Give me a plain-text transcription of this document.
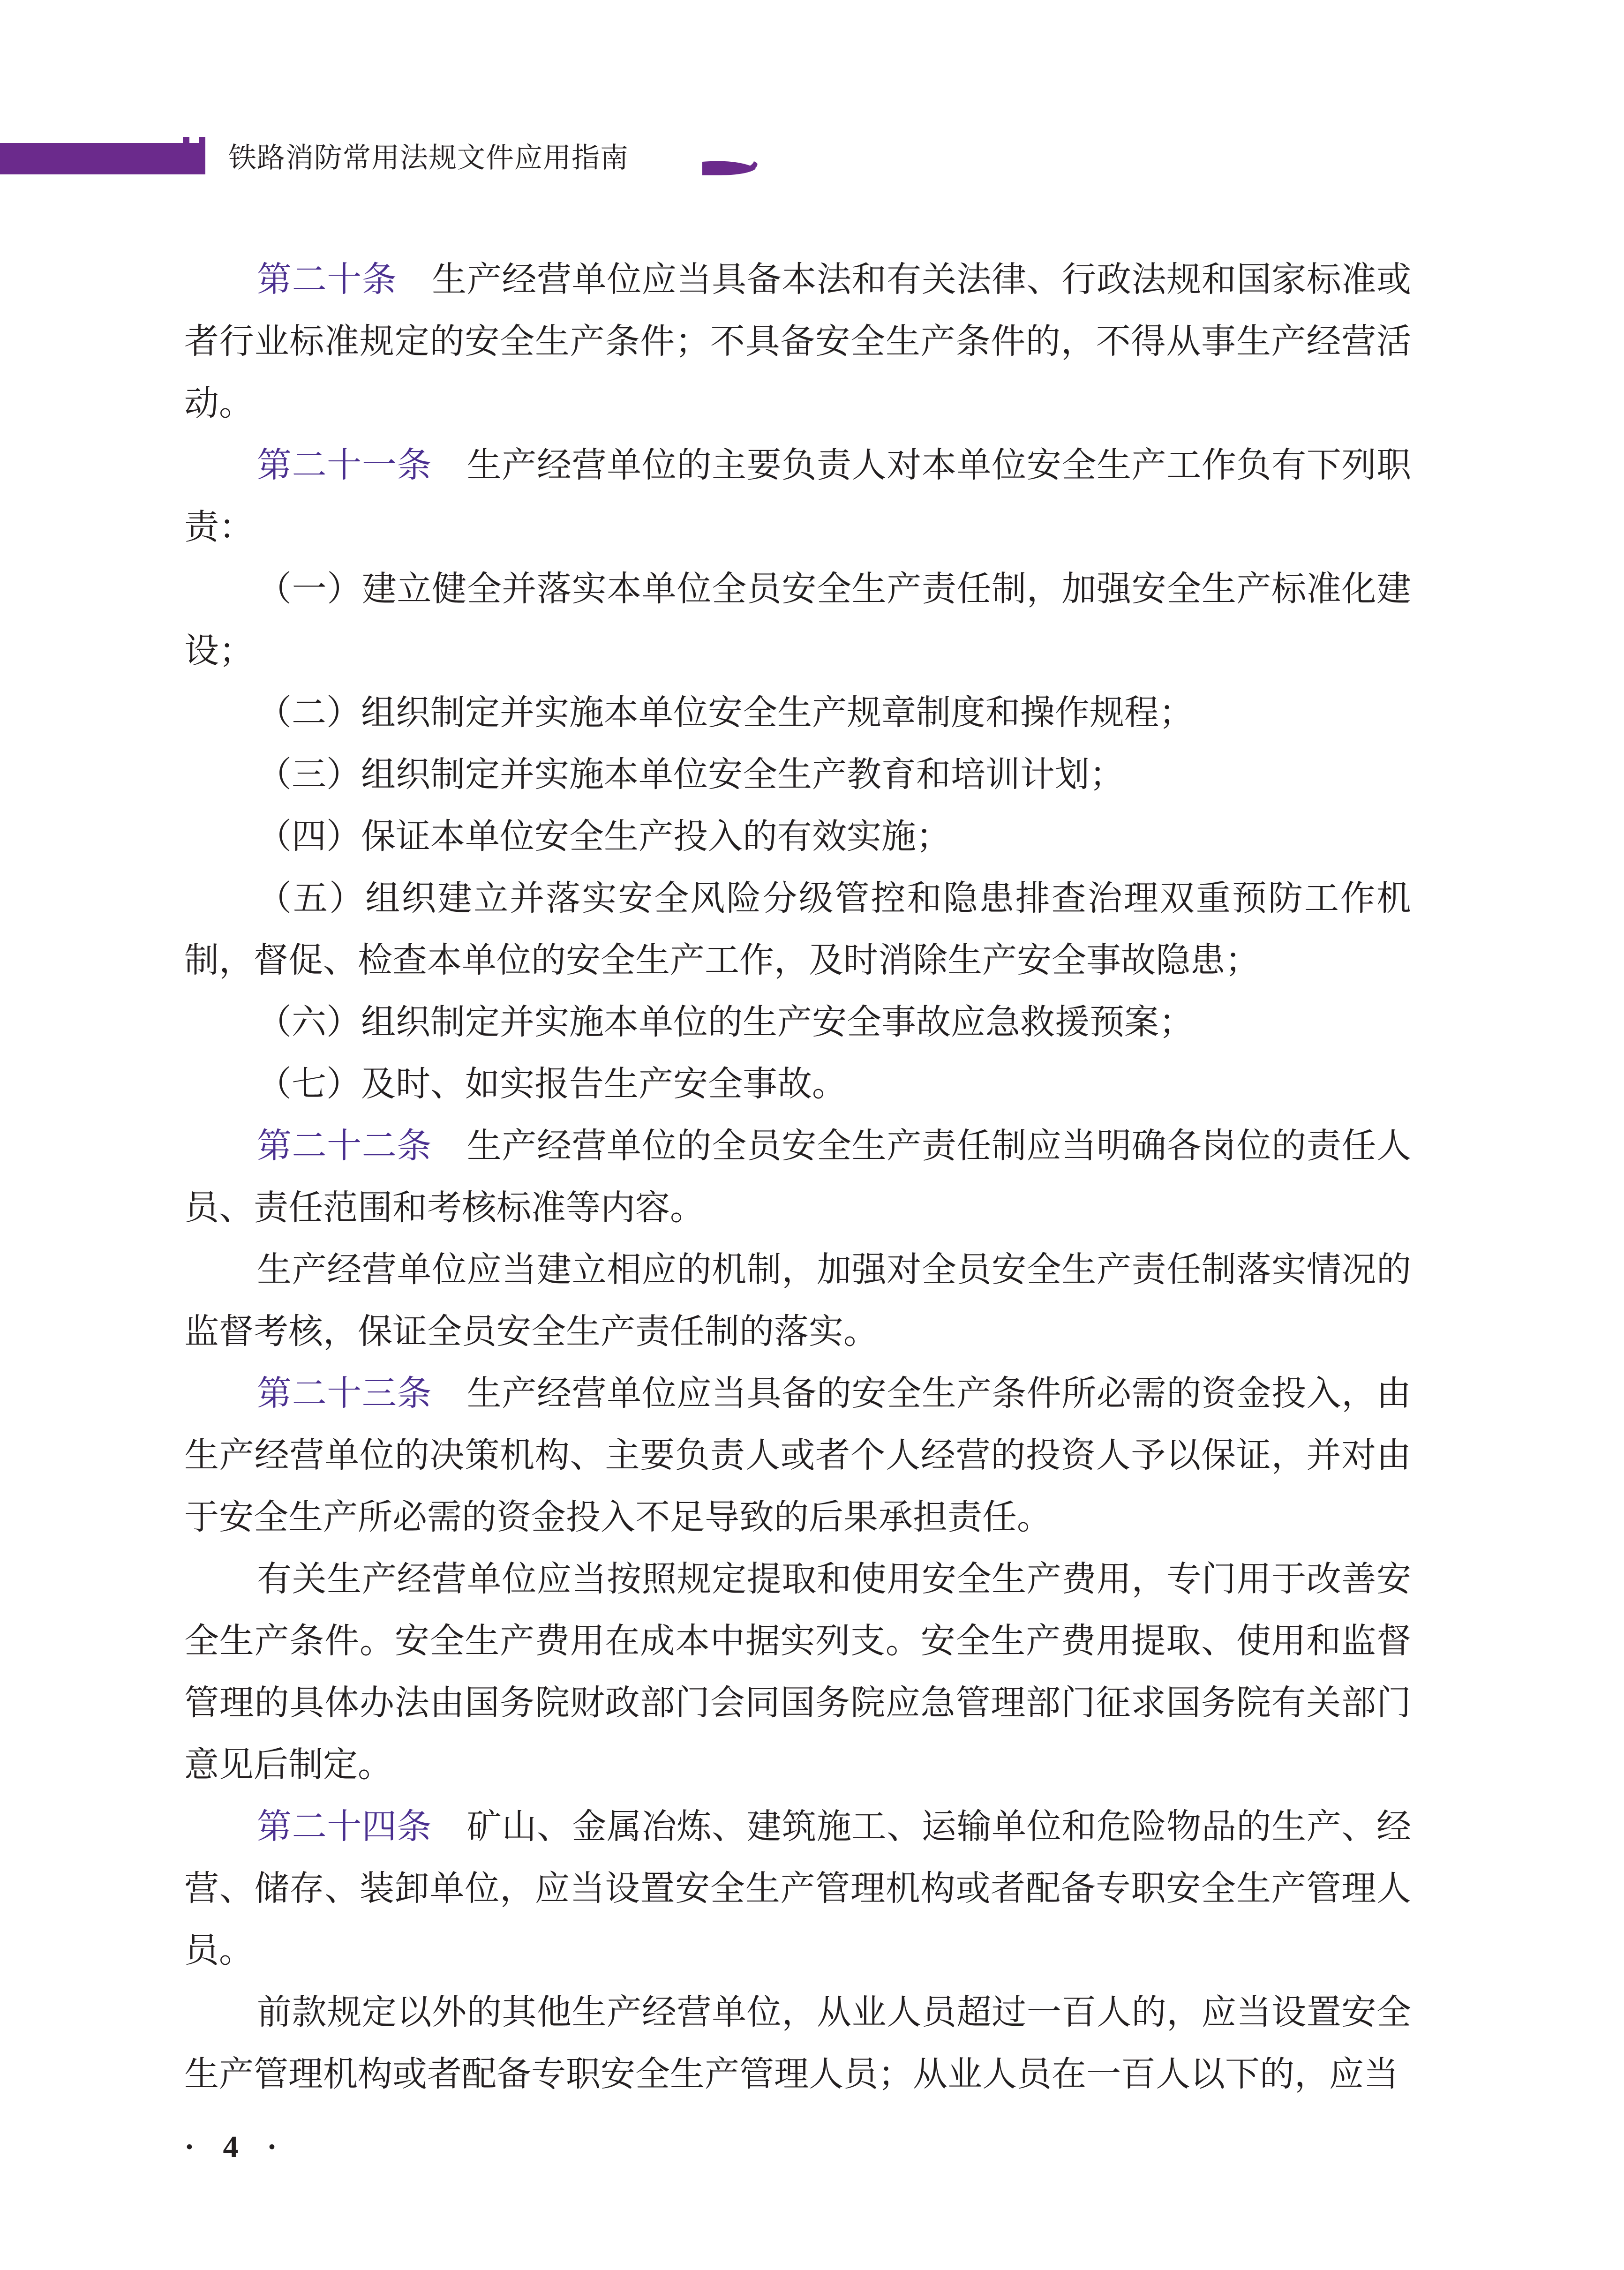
铁路消防常用法规文件应用指南

第二十条 生产经营单位应当具备本法和有关法律、行政法规和国家标准或者行业标准规定的安全生产条件；不具备安全生产条件的，不得从事生产经营活动。

第二十一条 生产经营单位的主要负责人对本单位安全生产工作负有下列职责：

（一）建立健全并落实本单位全员安全生产责任制，加强安全生产标准化建设；

（二）组织制定并实施本单位安全生产规章制度和操作规程；

（三）组织制定并实施本单位安全生产教育和培训计划；

（四）保证本单位安全生产投入的有效实施；

（五）组织建立并落实安全风险分级管控和隐患排查治理双重预防工作机制，督促、检查本单位的安全生产工作，及时消除生产安全事故隐患；

（六）组织制定并实施本单位的生产安全事故应急救援预案；

（七）及时、如实报告生产安全事故。

第二十二条 生产经营单位的全员安全生产责任制应当明确各岗位的责任人员、责任范围和考核标准等内容。

生产经营单位应当建立相应的机制，加强对全员安全生产责任制落实情况的监督考核，保证全员安全生产责任制的落实。

第二十三条 生产经营单位应当具备的安全生产条件所必需的资金投入，由生产经营单位的决策机构、主要负责人或者个人经营的投资人予以保证，并对由于安全生产所必需的资金投入不足导致的后果承担责任。

有关生产经营单位应当按照规定提取和使用安全生产费用，专门用于改善安全生产条件。安全生产费用在成本中据实列支。安全生产费用提取、使用和监督管理的具体办法由国务院财政部门会同国务院应急管理部门征求国务院有关部门意见后制定。

第二十四条 矿山、金属冶炼、建筑施工、运输单位和危险物品的生产、经营、储存、装卸单位，应当设置安全生产管理机构或者配备专职安全生产管理人员。

前款规定以外的其他生产经营单位，从业人员超过一百人的，应当设置安全生产管理机构或者配备专职安全生产管理人员；从业人员在一百人以下的，应当

· 4 ·
